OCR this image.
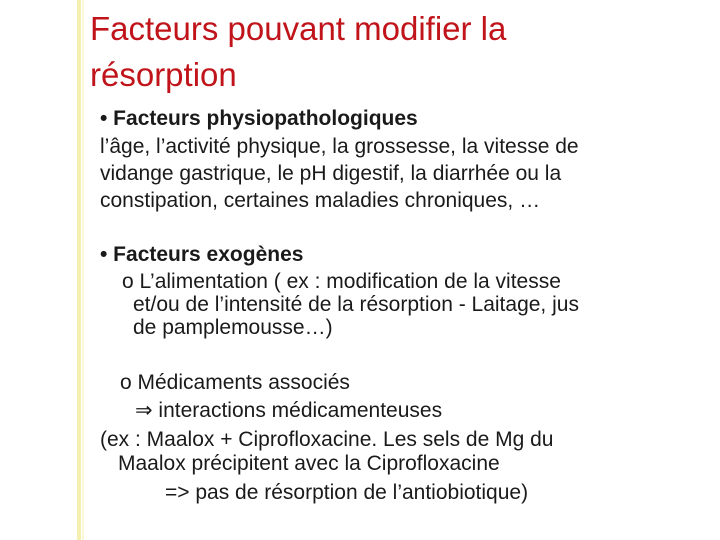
Facteurs pouvant modifier la
résorption
• Facteurs physiopathologiques
l’âge, l’activité physique, la grossesse, la vitesse de
vidange gastrique, le pH digestif, la diarrhée ou la
constipation, certaines maladies chroniques, …
• Facteurs exogènes
o L’alimentation ( ex : modification de la vitesse
et/ou de l’intensité de la résorption - Laitage, jus
de pamplemousse…)
o Médicaments associés
⇒ interactions médicamenteuses
(ex : Maalox + Ciprofloxacine. Les sels de Mg du
Maalox précipitent avec la Ciprofloxacine
=> pas de résorption de l’antiobiotique)
